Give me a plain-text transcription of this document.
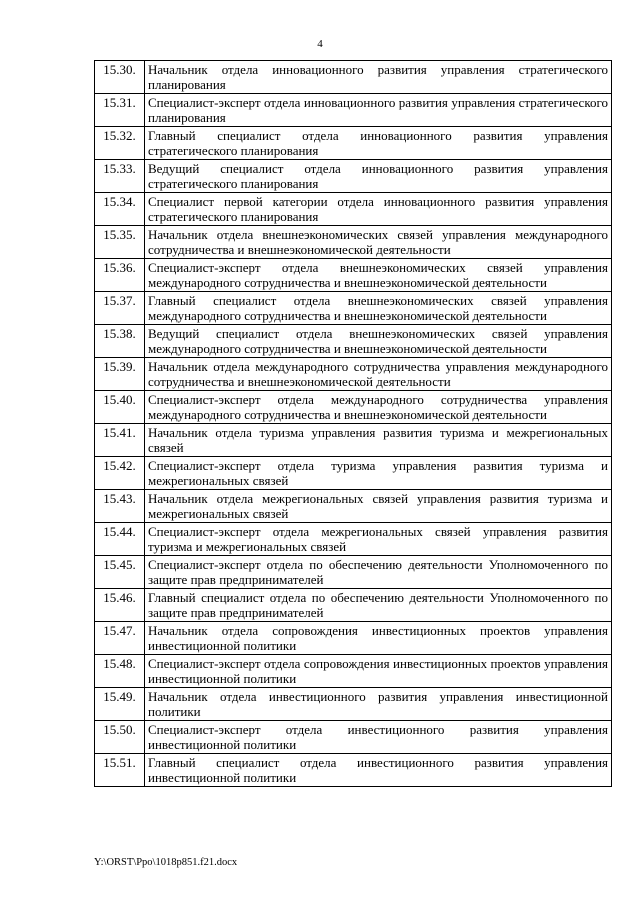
4
15.30.	Начальник отдела инновационного развития управления стратегического планирования
15.31.	Специалист-эксперт отдела инновационного развития управления стратегического планирования
15.32.	Главный специалист отдела инновационного развития управления стратегического планирования
15.33.	Ведущий специалист отдела инновационного развития управления стратегического планирования
15.34.	Специалист первой категории отдела инновационного развития управления стратегического планирования
15.35.	Начальник отдела внешнеэкономических связей управления международного сотрудничества и внешнеэкономической деятельности
15.36.	Специалист-эксперт отдела внешнеэкономических связей управления международного сотрудничества и внешнеэкономической деятельности
15.37.	Главный специалист отдела внешнеэкономических связей управления международного сотрудничества и внешнеэкономической деятельности
15.38.	Ведущий специалист отдела внешнеэкономических связей управления международного сотрудничества и внешнеэкономической деятельности
15.39.	Начальник отдела международного сотрудничества управления международного сотрудничества и внешнеэкономической деятельности
15.40.	Специалист-эксперт отдела международного сотрудничества управления международного сотрудничества и внешнеэкономической деятельности
15.41.	Начальник отдела туризма управления развития туризма и межрегиональных связей
15.42.	Специалист-эксперт отдела туризма управления развития туризма и межрегиональных связей
15.43.	Начальник отдела межрегиональных связей управления развития туризма и межрегиональных связей
15.44.	Специалист-эксперт отдела межрегиональных связей управления развития туризма и межрегиональных связей
15.45.	Специалист-эксперт отдела по обеспечению деятельности Уполномоченного по защите прав предпринимателей
15.46.	Главный специалист отдела по обеспечению деятельности Уполномоченного по защите прав предпринимателей
15.47.	Начальник отдела сопровождения инвестиционных проектов управления инвестиционной политики
15.48.	Специалист-эксперт отдела сопровождения инвестиционных проектов управления инвестиционной политики
15.49.	Начальник отдела инвестиционного развития управления инвестиционной политики
15.50.	Специалист-эксперт отдела инвестиционного развития управления инвестиционной политики
15.51.	Главный специалист отдела инвестиционного развития управления инвестиционной политики
Y:\ORST\Ppo\1018p851.f21.docx
